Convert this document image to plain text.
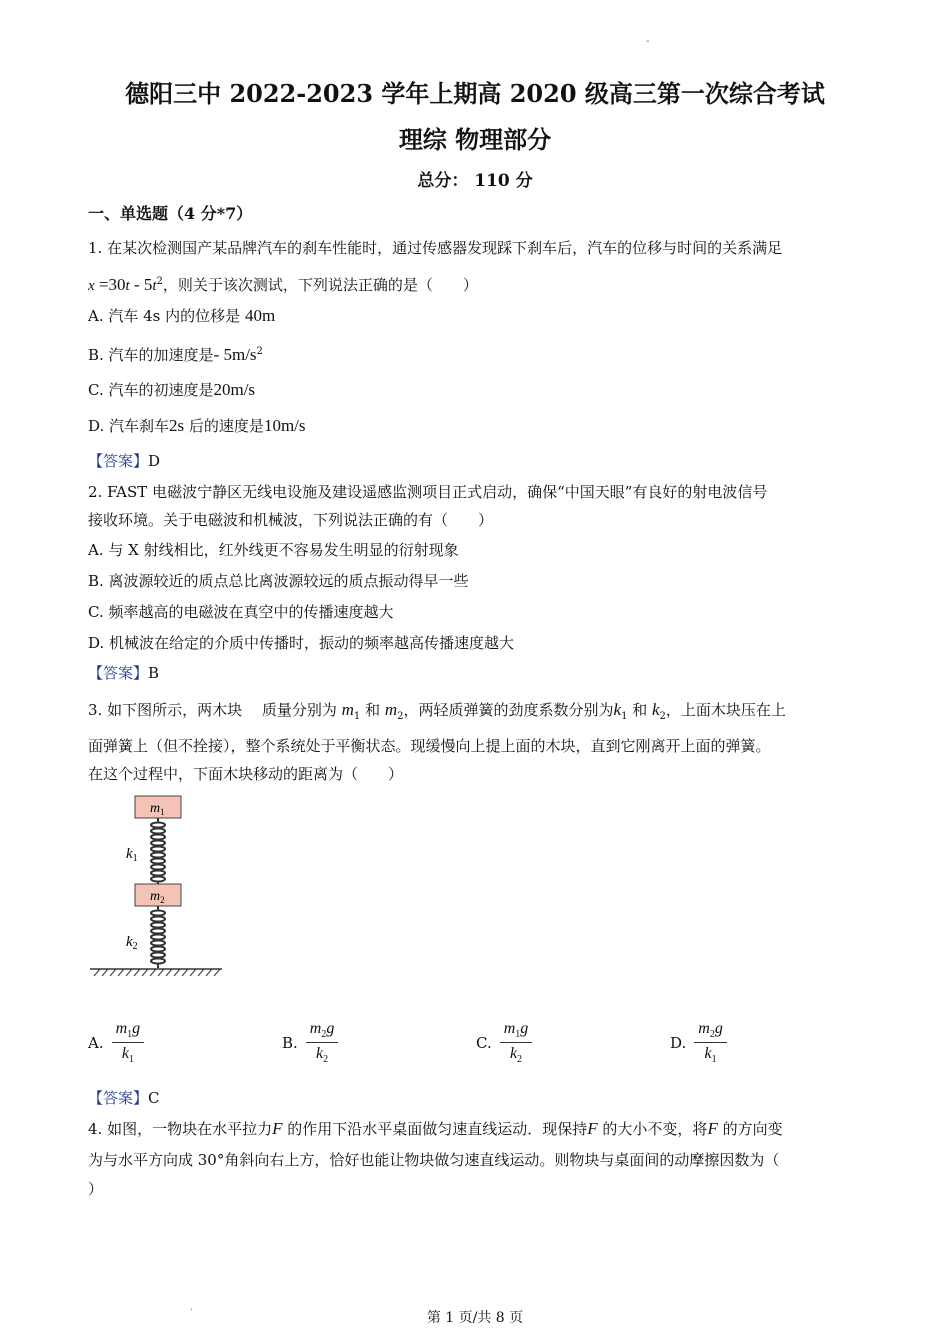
-
德阳三中 2022-2023 学年上期高 2020 级高三第一次综合考试
理综 物理部分
总分： 110 分
一、单选题（4 分*7）
1. 在某次检测国产某品牌汽车的刹车性能时，通过传感器发现踩下刹车后，汽车的位移与时间的关系满足
$x =30t - 5t^2$，则关于该次测试，下列说法正确的是（　　）
A. 汽车 4s 内的位移是 40m
B. 汽车的加速度是- $5m/s^2$
C. 汽车的初速度是20m/s
D. 汽车刹车2s 后的速度是10m/s
【答案】D
2. FAST 电磁波宁静区无线电设施及建设遥感监测项目正式启动，确保“中国天眼”有良好的射电波信号
接收环境。关于电磁波和机械波，下列说法正确的有（　　）
A. 与 X 射线相比，红外线更不容易发生明显的衍射现象
B. 离波源较近的质点总比离波源较远的质点振动得早一些
C. 频率越高的电磁波在真空中的传播速度越大
D. 机械波在给定的介质中传播时，振动的频率越高传播速度越大
【答案】B
3. 如下图所示，两木块　 质量分别为 $m_1$ 和 $m_2$，两轻质弹簧的劲度系数分别为$k_1$ 和 $k_2$，上面木块压在上
面弹簧上（但不拴接），整个系统处于平衡状态。现缓慢向上提上面的木块，直到它刚离开上面的弹簧。
在这个过程中，下面木块移动的距离为（　　）
$m_1$
$k_1$
$m_2$
$k_2$
A. $\frac{m_1g}{k_1}$	B. $\frac{m_2g}{k_2}$	C. $\frac{m_1g}{k_2}$	D. $\frac{m_2g}{k_1}$
【答案】C
4. 如图，一物块在水平拉力F 的作用下沿水平桌面做匀速直线运动．现保持F 的大小不变，将F 的方向变
为与水平方向成 30°角斜向右上方，恰好也能让物块做匀速直线运动。则物块与桌面间的动摩擦因数为（
）
.
第 1 页/共 8 页
